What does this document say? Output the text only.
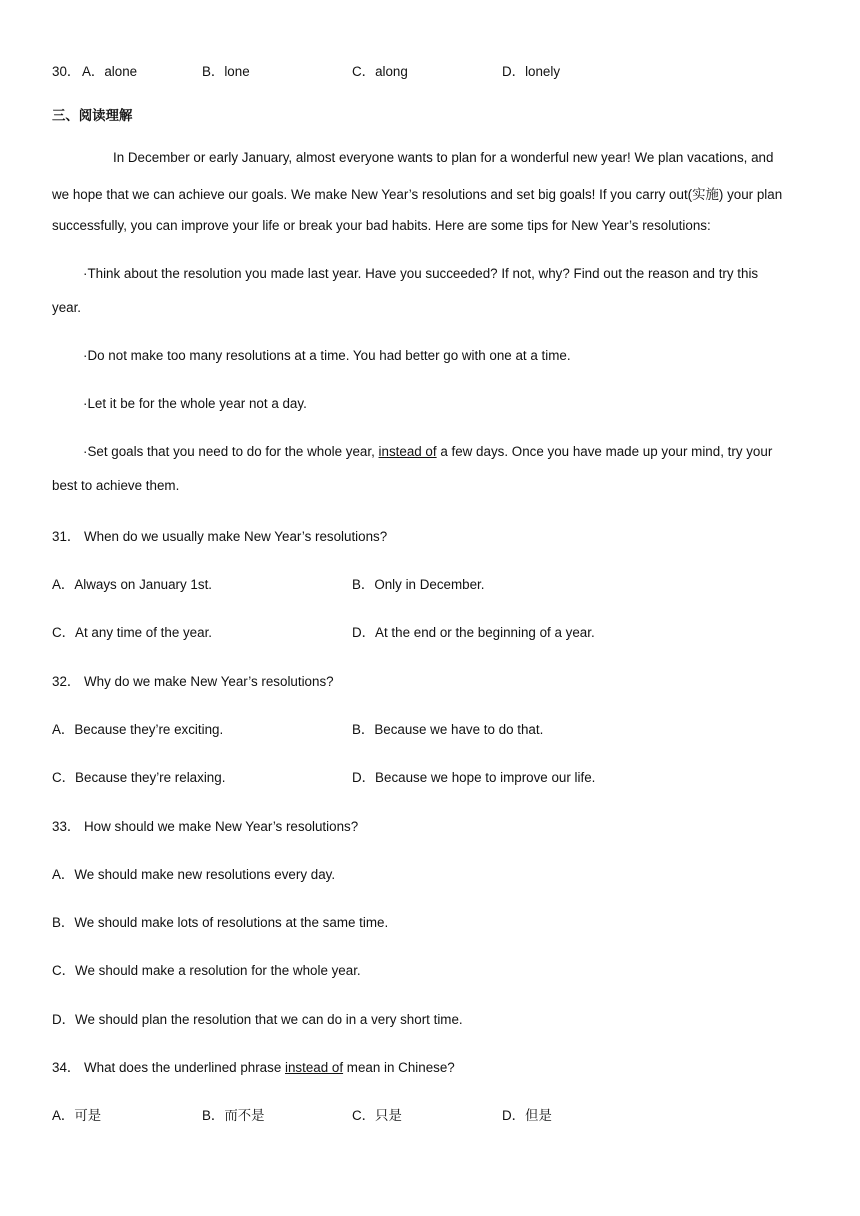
30． A．alone	B．lone	C．along	D．lonely
三、阅读理解
In December or early January, almost everyone wants to plan for a wonderful new year! We plan vacations, and
we hope that we can achieve our goals. We make New Year’s resolutions and set big goals! If you carry out(实施) your plan
successfully, you can improve your life or break your bad habits. Here are some tips for New Year’s resolutions:
·Think about the resolution you made last year. Have you succeeded? If not, why? Find out the reason and try this
year.
·Do not make too many resolutions at a time. You had better go with one at a time.
·Let it be for the whole year not a day.
·Set goals that you need to do for the whole year, instead of a few days. Once you have made up your mind, try your
best to achieve them.
31． When do we usually make New Year’s resolutions?
A．Always on January 1st.	B．Only in December.
C．At any time of the year.	D．At the end or the beginning of a year.
32． Why do we make New Year’s resolutions?
A．Because they’re exciting.	B．Because we have to do that.
C．Because they’re relaxing.	D．Because we hope to improve our life.
33． How should we make New Year’s resolutions?
A．We should make new resolutions every day.
B．We should make lots of resolutions at the same time.
C．We should make a resolution for the whole year.
D．We should plan the resolution that we can do in a very short time.
34． What does the underlined phrase instead of mean in Chinese?
A．可是	B．而不是	C．只是	D．但是
